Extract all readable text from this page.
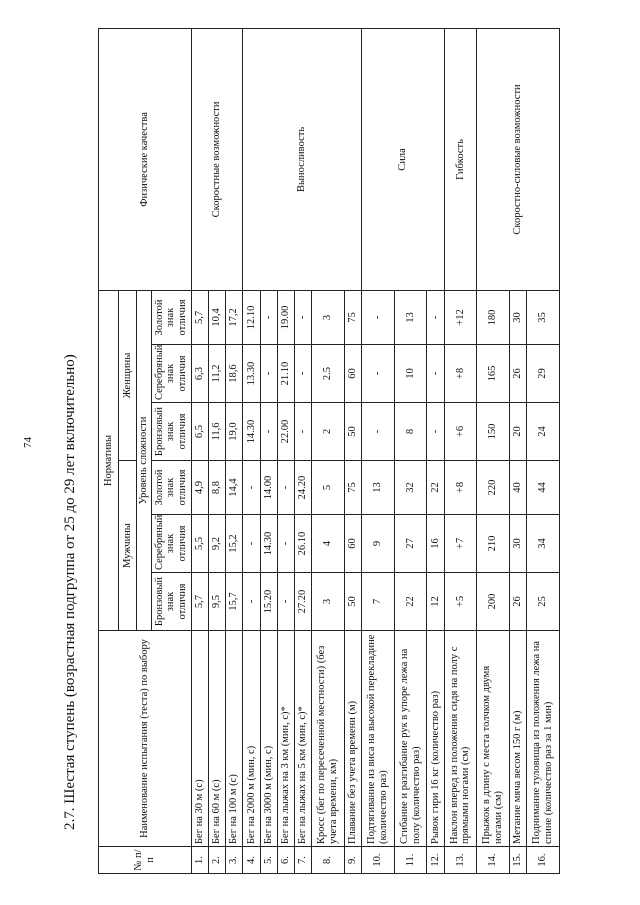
74 2.7. Шестая ступень (возрастная подгруппа от 25 до 29 лет включительно)
№ п/п	Наименование испытания (теста) по выбору	Нормативы						Физические качества
		Мужчины			Женщины			
		Уровень сложности						
		Бронзовый знак отличия	Серебряный знак отличия	Золотой знак отличия	Бронзовый знак отличия	Серебряный знак отличия	Золотой знак отличия	
1.	Бег на 30 м (с)	5,7	5,5	4,9	6,5	6,3	5,7	Скоростные возможности
2.	Бег на 60 м (с)	9,5	9,2	8,8	11,6	11,2	10,4	
3.	Бег на 100 м (с)	15,7	15,2	14,4	19,0	18,6	17,2	
4.	Бег на 2000 м (мин, с)	-	-	-	14.30	13.30	12.10	Выносливость
5.	Бег на 3000 м (мин, с)	15.20	14.30	14.00	-	-	-	
6.	Бег на лыжах на 3 км (мин, с)*	-	-	-	22.00	21.10	19.00	
7.	Бег на лыжах на 5 км (мин, с)*	27.20	26.10	24.20	-	-	-	
8.	Кросс (бег по пересеченной местности) (без учета времени, км)	3	4	5	2	2.5	3	
9.	Плавание без учета времени (м)	50	60	75	50	60	75	
10.	Подтягивание из виса на высокой перекладине (количество раз)	7	9	13	-	-	-	Сила
11.	Сгибание и разгибание рук в упоре лежа на полу (количество раз)	22	27	32	8	10	13	
12.	Рывок гири 16 кг (количество раз)	12	16	22	-	-	-	
13.	Наклон вперед из положения сидя на полу с прямыми ногами (см)	+5	+7	+8	+6	+8	+12	Гибкость
14.	Прыжок в длину с места толчком двумя ногами (см)	200	210	220	150	165	180	Скоростно-силовые возможности
15.	Метание мяча весом 150 г (м)	26	30	40	20	26	30	
16.	Поднимание туловища из положения лежа на спине (количество раз за 1 мин)	25	34	44	24	29	35	
